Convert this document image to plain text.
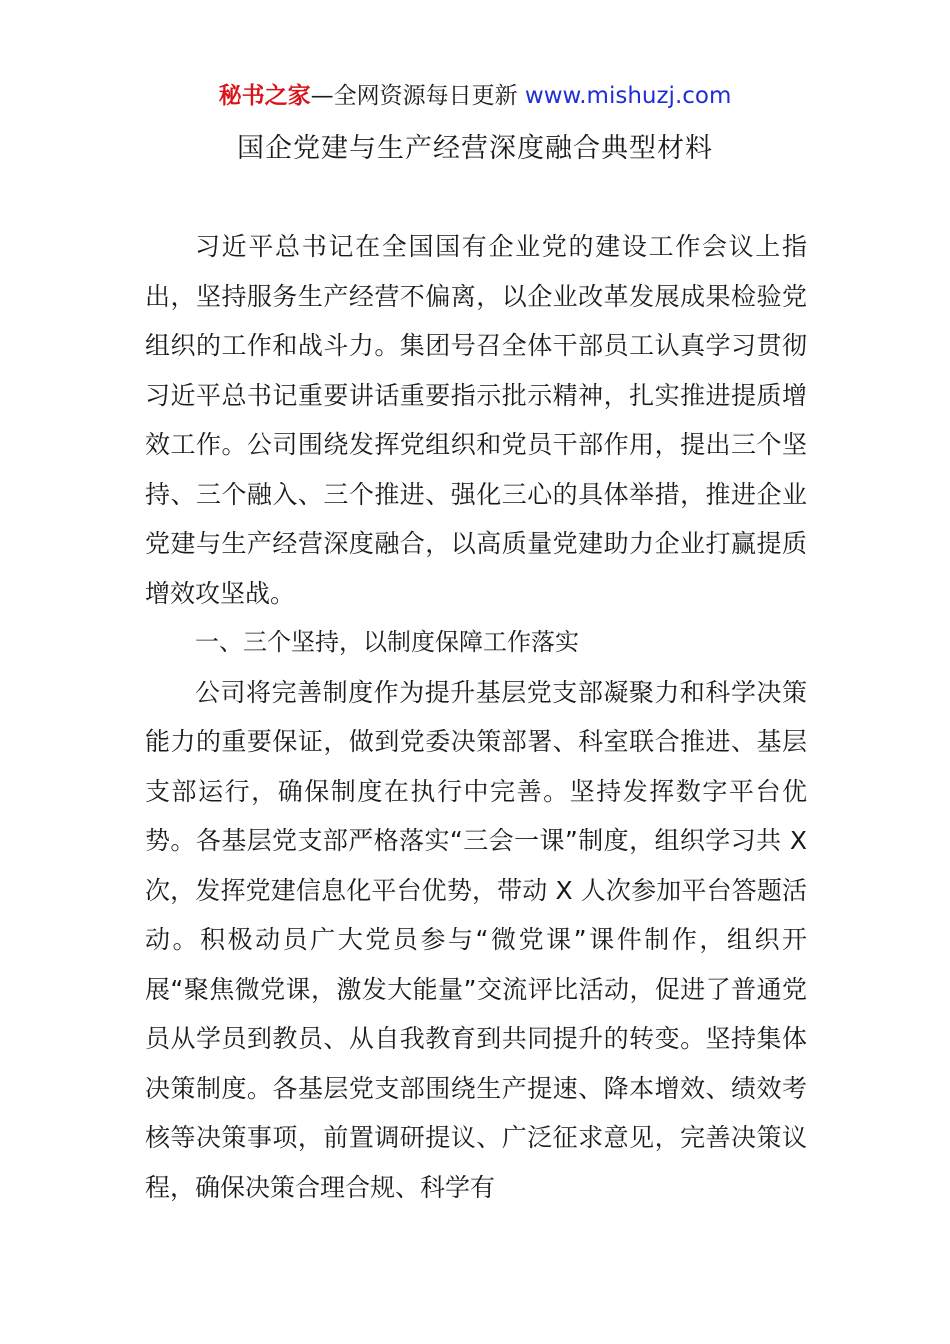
秘书之家—全网资源每日更新 www.mishuzj.com
国企党建与生产经营深度融合典型材料

习近平总书记在全国国有企业党的建设工作会议上指出，坚持服务生产经营不偏离，以企业改革发展成果检验党组织的工作和战斗力。集团号召全体干部员工认真学习贯彻习近平总书记重要讲话重要指示批示精神，扎实推进提质增效工作。公司围绕发挥党组织和党员干部作用，提出三个坚持、三个融入、三个推进、强化三心的具体举措，推进企业党建与生产经营深度融合，以高质量党建助力企业打赢提质增效攻坚战。

一、三个坚持，以制度保障工作落实

公司将完善制度作为提升基层党支部凝聚力和科学决策能力的重要保证，做到党委决策部署、科室联合推进、基层支部运行，确保制度在执行中完善。坚持发挥数字平台优势。各基层党支部严格落实“三会一课”制度，组织学习共 X 次，发挥党建信息化平台优势，带动 X 人次参加平台答题活动。积极动员广大党员参与“微党课”课件制作，组织开展“聚焦微党课，激发大能量”交流评比活动，促进了普通党员从学员到教员、从自我教育到共同提升的转变。坚持集体决策制度。各基层党支部围绕生产提速、降本增效、绩效考核等决策事项，前置调研提议、广泛征求意见，完善决策议程，确保决策合理合规、科学有
